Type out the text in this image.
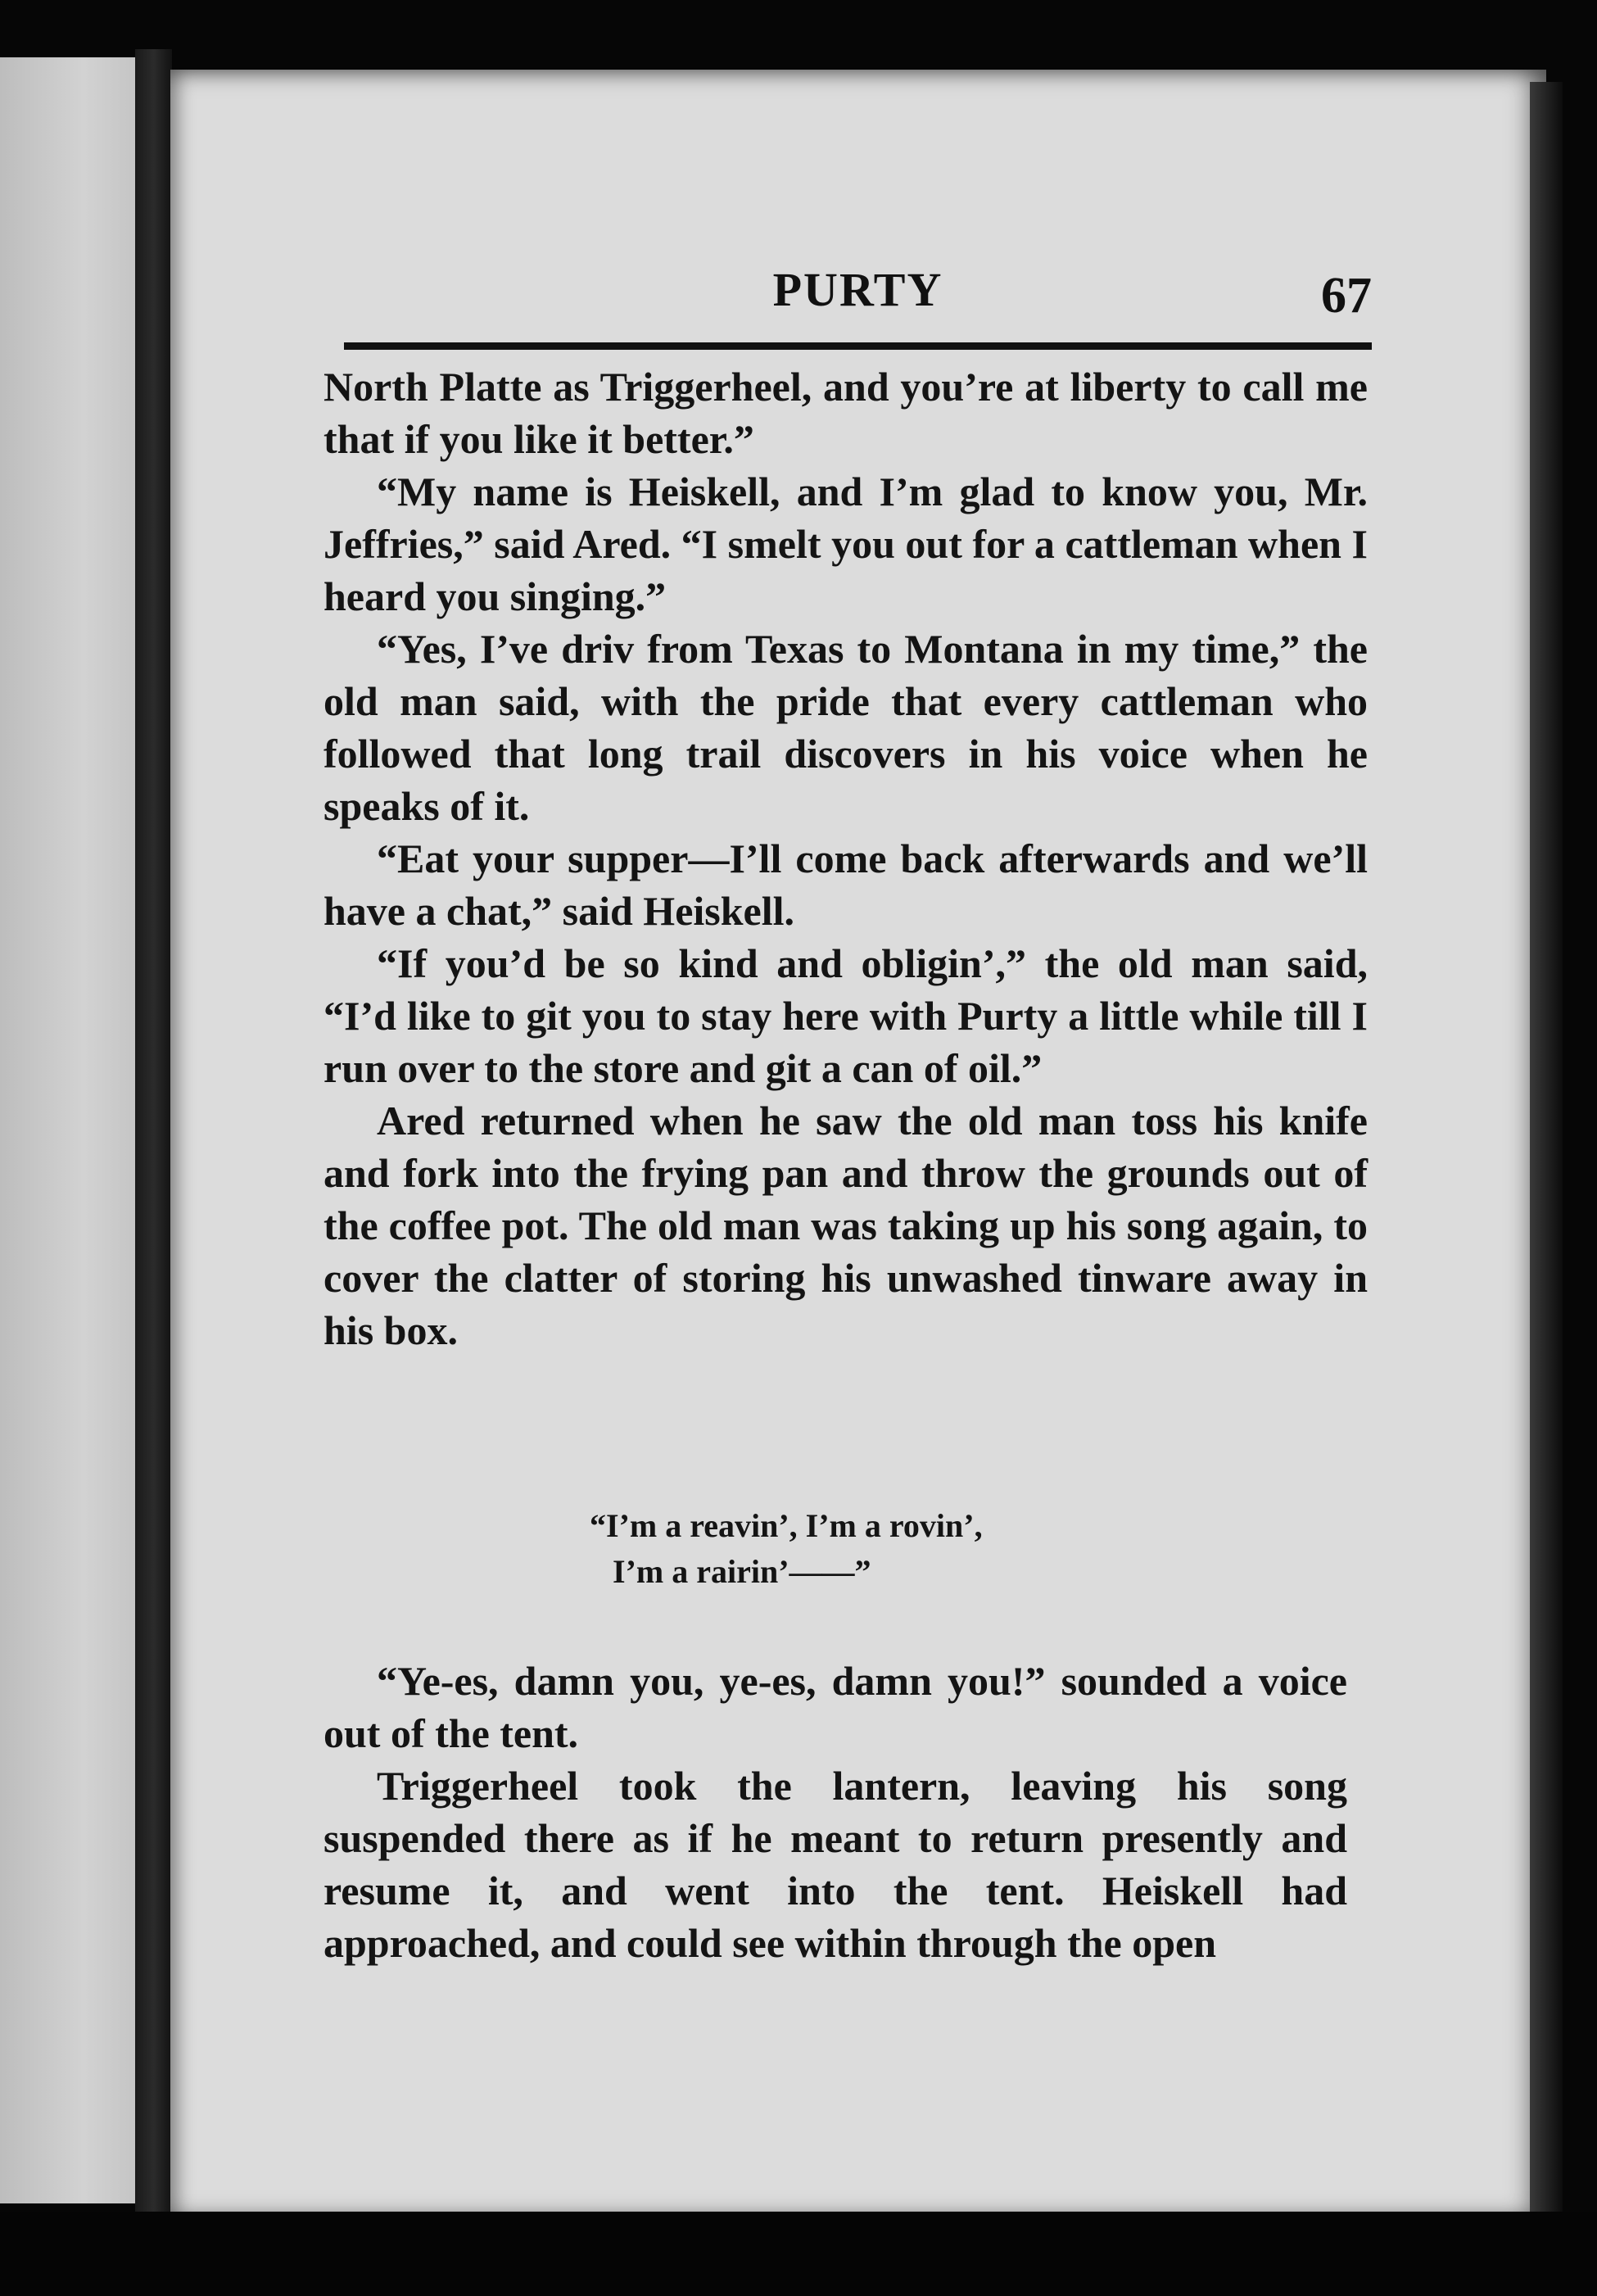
PURTY	67

North Platte as Triggerheel, and you’re at liberty to call me that if you like it better.”

“My name is Heiskell, and I’m glad to know you, Mr. Jeffries,” said Ared. “I smelt you out for a cattleman when I heard you singing.”

“Yes, I’ve driv from Texas to Montana in my time,” the old man said, with the pride that every cattleman who followed that long trail discovers in his voice when he speaks of it.

“Eat your supper—I’ll come back afterwards and we’ll have a chat,” said Heiskell.

“If you’d be so kind and obligin’,” the old man said, “I’d like to git you to stay here with Purty a little while till I run over to the store and git a can of oil.”

Ared returned when he saw the old man toss his knife and fork into the frying pan and throw the grounds out of the coffee pot. The old man was taking up his song again, to cover the clatter of storing his unwashed tinware away in his box.

“I’m a reavin’, I’m a rovin’,
I’m a rairin’——”

“Ye-es, damn you, ye-es, damn you!” sounded a voice out of the tent.

Triggerheel took the lantern, leaving his song suspended there as if he meant to return presently and resume it, and went into the tent. Heiskell had approached, and could see within through the open
